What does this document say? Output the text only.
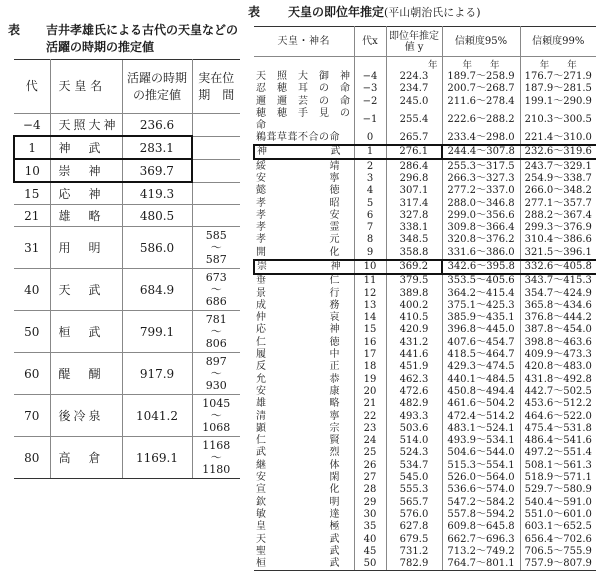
表 吉井孝雄氏による古代の天皇などの活躍の時期の推定値
表 天皇の即位年推定(平山朝治氏による)
代	天 皇 名	活躍の時期の推定値	実在位期　間
−4	天照大神	236.6	
1	神　武	283.1	
10	崇　神	369.7	
15	応　神	419.3	
21	雄　略	480.5	
31	用　明	586.0	585
〜
587

40	天　武	684.9	673
〜
686

50	桓　武	799.1	781
〜
806

60	醍　醐	917.9	897
〜
930

70	後冷泉	1041.2	1045
〜
1068

80	高　倉	1169.1	1168
〜
1180
天皇・神名	代x	即位年推定値 y	信頼度95%	信頼度99%
		年	年 年	年 年
天　照　大　御　神	−4	224.3	189.7〜258.9	176.7〜271.9
忍　穂　耳　の　命	−3	234.7	200.7〜268.7	187.9〜281.5
邇　邇　芸　の　命	−2	245.0	211.6〜278.4	199.1〜290.9
穂　穂　手　見　の　命	−1	255.4	222.6〜288.2	210.3〜300.5
鵜葺草葺不合の命	0	265.7	233.4〜298.0	221.4〜310.0
神　　　　　　武	1	276.1	244.4〜307.8	232.6〜319.6
綏　　　　　　靖	2	286.4	255.3〜317.5	243.7〜329.1
安　　　　　　寧	3	296.8	266.3〜327.3	254.9〜338.7
懿　　　　　　徳	4	307.1	277.2〜337.0	266.0〜348.2
孝　　　　　　昭	5	317.4	288.0〜346.8	277.1〜357.7
孝　　　　　　安	6	327.8	299.0〜356.6	288.2〜367.4
孝　　　　　　霊	7	338.1	309.8〜366.4	299.3〜376.9
孝　　　　　　元	8	348.5	320.8〜376.2	310.4〜386.6
開　　　　　　化	9	358.8	331.6〜386.0	321.5〜396.1
崇　　　　　　神	10	369.2	342.6〜395.8	332.6〜405.8
垂　　　　　　仁	11	379.5	353.5〜405.6	343.7〜415.3
景　　　　　　行	12	389.8	364.2〜415.4	354.7〜424.9
成　　　　　　務	13	400.2	375.1〜425.3	365.8〜434.6
仲　　　　　　哀	14	410.5	385.9〜435.1	376.8〜444.2
応　　　　　　神	15	420.9	396.8〜445.0	387.8〜454.0
仁　　　　　　徳	16	431.2	407.6〜454.7	398.8〜463.6
履　　　　　　中	17	441.6	418.5〜464.7	409.9〜473.3
反　　　　　　正	18	451.9	429.3〜474.5	420.8〜483.0
允　　　　　　恭	19	462.3	440.1〜484.5	431.8〜492.8
安　　　　　　康	20	472.6	450.8〜494.4	442.7〜502.5
雄　　　　　　略	21	482.9	461.6〜504.2	453.6〜512.2
清　　　　　　寧	22	493.3	472.4〜514.2	464.6〜522.0
顕　　　　　　宗	23	503.6	483.1〜524.1	475.4〜531.8
仁　　　　　　賢	24	514.0	493.9〜534.1	486.4〜541.6
武　　　　　　烈	25	524.3	504.6〜544.0	497.2〜551.4
継　　　　　　体	26	534.7	515.3〜554.1	508.1〜561.3
安　　　　　　閑	27	545.0	526.0〜564.0	518.9〜571.1
宣　　　　　　化	28	555.3	536.6〜574.0	529.7〜580.9
欽　　　　　　明	29	565.7	547.2〜584.2	540.4〜591.0
敏　　　　　　達	30	576.0	557.8〜594.2	551.0〜601.0
皇　　　　　　極	35	627.8	609.8〜645.8	603.1〜652.5
天　　　　　　武	40	679.5	662.7〜696.3	656.4〜702.6
聖　　　　　　武	45	731.2	713.2〜749.2	706.5〜755.9
桓　　　　　　武	50	782.9	764.7〜801.1	757.9〜807.9
